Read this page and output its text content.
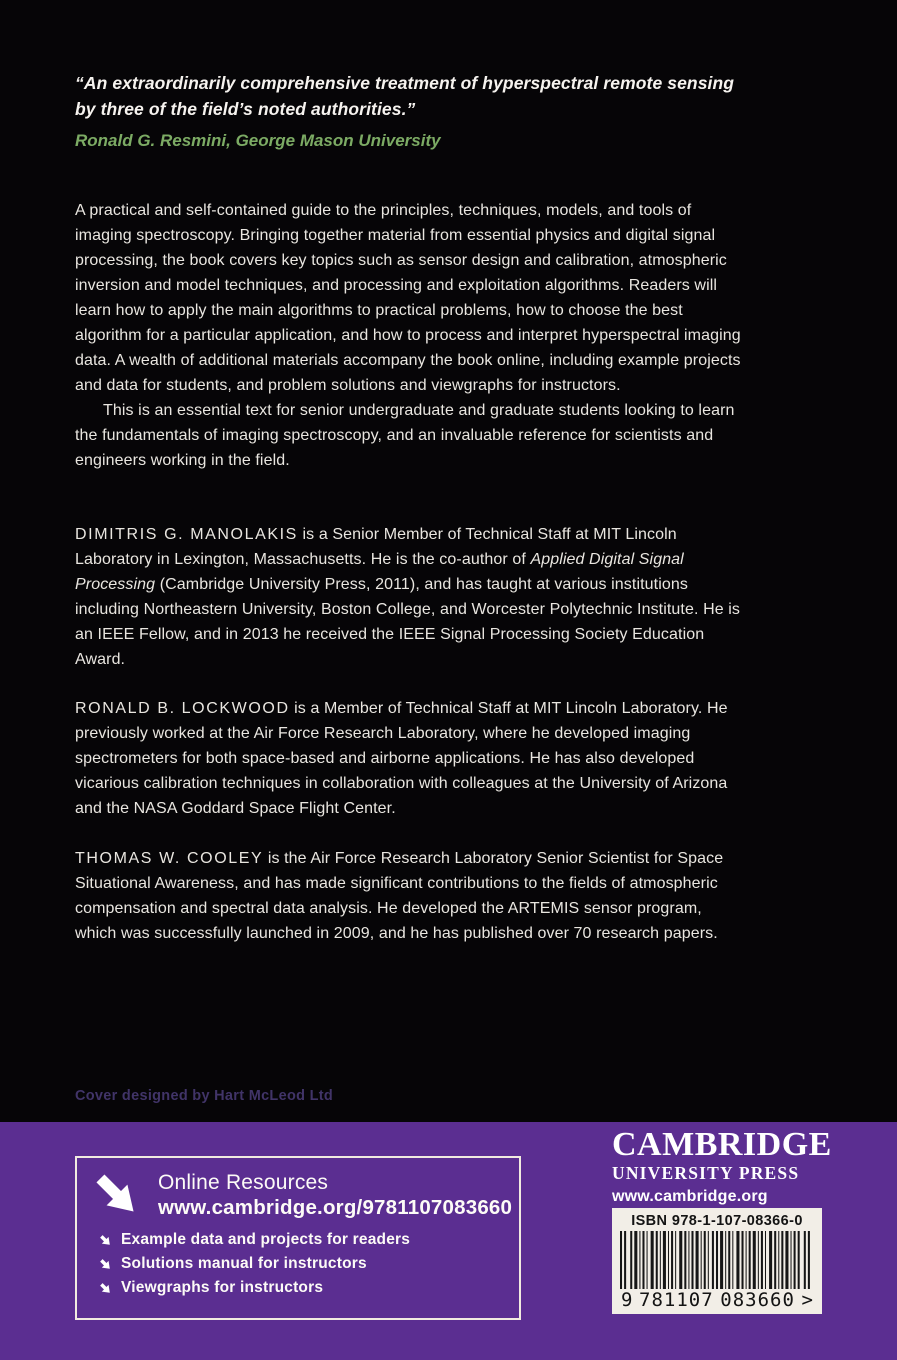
“An extraordinarily comprehensive treatment of hyperspectral remote sensing by three of the field’s noted authorities.”
Ronald G. Resmini, George Mason University

A practical and self-contained guide to the principles, techniques, models, and tools of imaging spectroscopy. Bringing together material from essential physics and digital signal processing, the book covers key topics such as sensor design and calibration, atmospheric inversion and model techniques, and processing and exploitation algorithms. Readers will learn how to apply the main algorithms to practical problems, how to choose the best algorithm for a particular application, and how to process and interpret hyperspectral imaging data. A wealth of additional materials accompany the book online, including example projects and data for students, and problem solutions and viewgraphs for instructors.

This is an essential text for senior undergraduate and graduate students looking to learn the fundamentals of imaging spectroscopy, and an invaluable reference for scientists and engineers working in the field.

DIMITRIS G. MANOLAKIS is a Senior Member of Technical Staff at MIT Lincoln Laboratory in Lexington, Massachusetts. He is the co-author of Applied Digital Signal Processing (Cambridge University Press, 2011), and has taught at various institutions including Northeastern University, Boston College, and Worcester Polytechnic Institute. He is an IEEE Fellow, and in 2013 he received the IEEE Signal Processing Society Education Award.

RONALD B. LOCKWOOD is a Member of Technical Staff at MIT Lincoln Laboratory. He previously worked at the Air Force Research Laboratory, where he developed imaging spectrometers for both space-based and airborne applications. He has also developed vicarious calibration techniques in collaboration with colleagues at the University of Arizona and the NASA Goddard Space Flight Center.

THOMAS W. COOLEY is the Air Force Research Laboratory Senior Scientist for Space Situational Awareness, and has made significant contributions to the fields of atmospheric compensation and spectral data analysis. He developed the ARTEMIS sensor program, which was successfully launched in 2009, and he has published over 70 research papers.

Cover designed by Hart McLeod Ltd
Online Resources
www.cambridge.org/9781107083660
Example data and projects for readers
Solutions manual for instructors
Viewgraphs for instructors
CAMBRIDGE
UNIVERSITY PRESS
www.cambridge.org
ISBN 978-1-107-08366-0
9 781107 083660 >
